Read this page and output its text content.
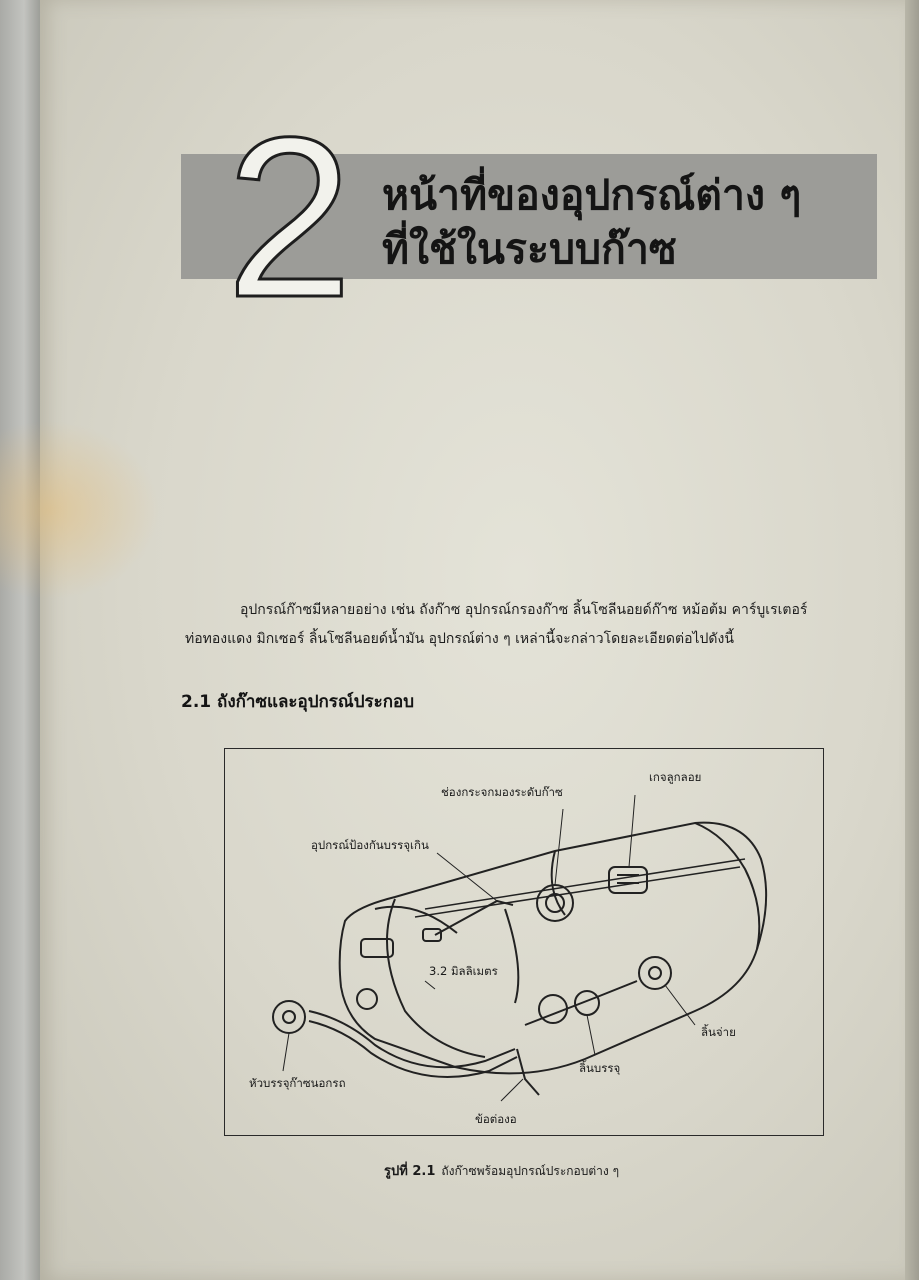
2 หน้าที่ของอุปกรณ์ต่าง ๆ
ที่ใช้ในระบบก๊าซ
อุปกรณ์ก๊าซมีหลายอย่าง เช่น ถังก๊าซ อุปกรณ์กรองก๊าซ ลิ้นโซลีนอยด์ก๊าซ หม้อต้ม คาร์บูเรเตอร์
ท่อทองแดง มิกเซอร์ ลิ้นโซลีนอยด์น้ำมัน อุปกรณ์ต่าง ๆ เหล่านี้จะกล่าวโดยละเอียดต่อไปดังนี้
2.1 ถังก๊าซและอุปกรณ์ประกอบ
เกจลูกลอย
ช่องกระจกมองระดับก๊าซ
อุปกรณ์ป้องกันบรรจุเกิน
3.2 มิลลิเมตร
ลิ้นจ่าย
ลิ้นบรรจุ
หัวบรรจุก๊าซนอกรถ
ข้อต่องอ
รูปที่ 2.1 ถังก๊าซพร้อมอุปกรณ์ประกอบต่าง ๆ
